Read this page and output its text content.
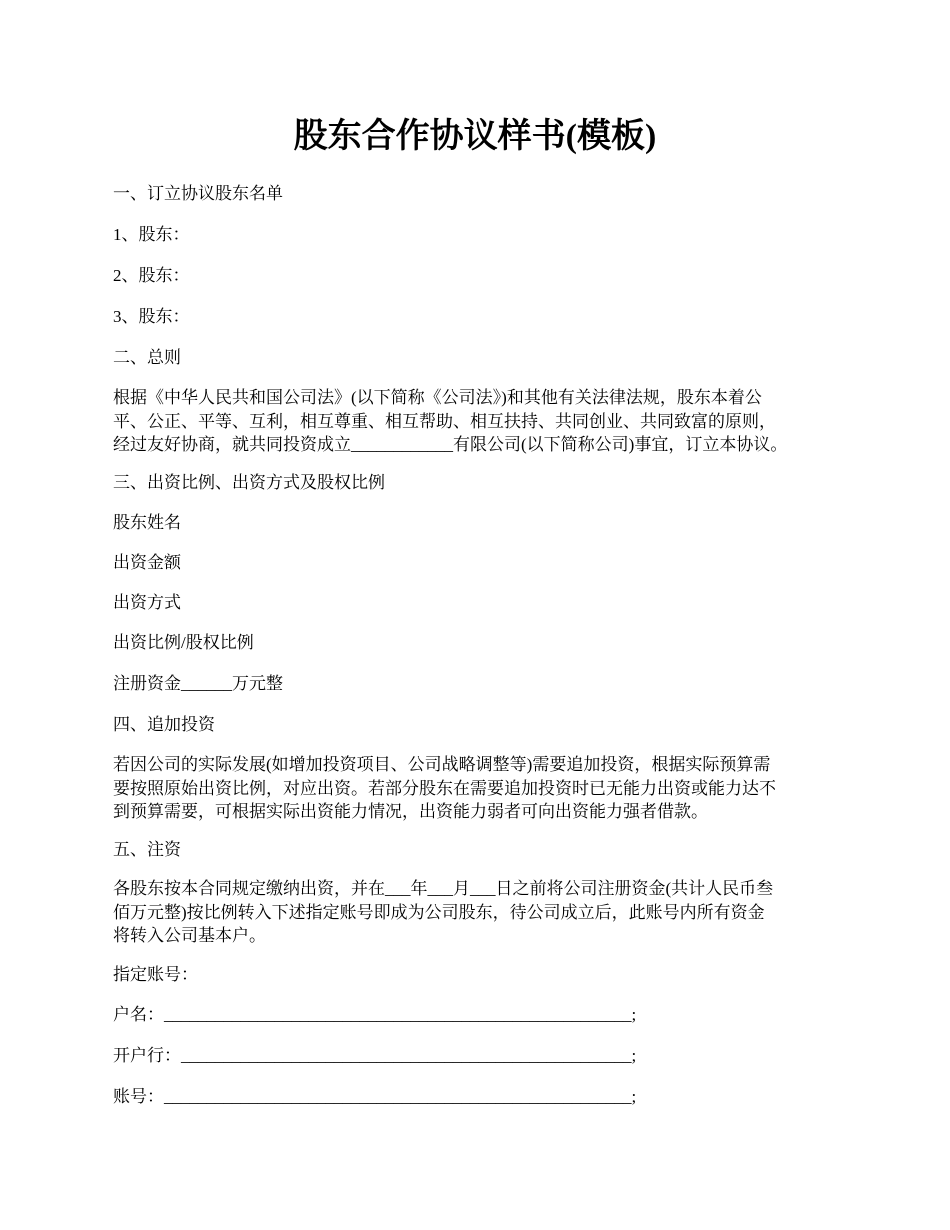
股东合作协议样书(模板)
一、订立协议股东名单
1、股东：
2、股东：
3、股东：
二、总则
根据《中华人民共和国公司法》(以下简称《公司法》)和其他有关法律法规，股东本着公
平、公正、平等、互利，相互尊重、相互帮助、相互扶持、共同创业、共同致富的原则，
经过友好协商，就共同投资成立____________有限公司(以下简称公司)事宜，订立本协议。
三、出资比例、出资方式及股权比例
股东姓名
出资金额
出资方式
出资比例/股权比例
注册资金______万元整
四、追加投资
若因公司的实际发展(如增加投资项目、公司战略调整等)需要追加投资，根据实际预算需
要按照原始出资比例，对应出资。若部分股东在需要追加投资时已无能力出资或能力达不
到预算需要，可根据实际出资能力情况，出资能力弱者可向出资能力强者借款。
五、注资
各股东按本合同规定缴纳出资，并在___年___月___日之前将公司注册资金(共计人民币叁
佰万元整)按比例转入下述指定账号即成为公司股东，待公司成立后，此账号内所有资金
将转入公司基本户。
指定账号：
户名：_______________________________________________________;
开户行：_____________________________________________________;
账号：_______________________________________________________;
